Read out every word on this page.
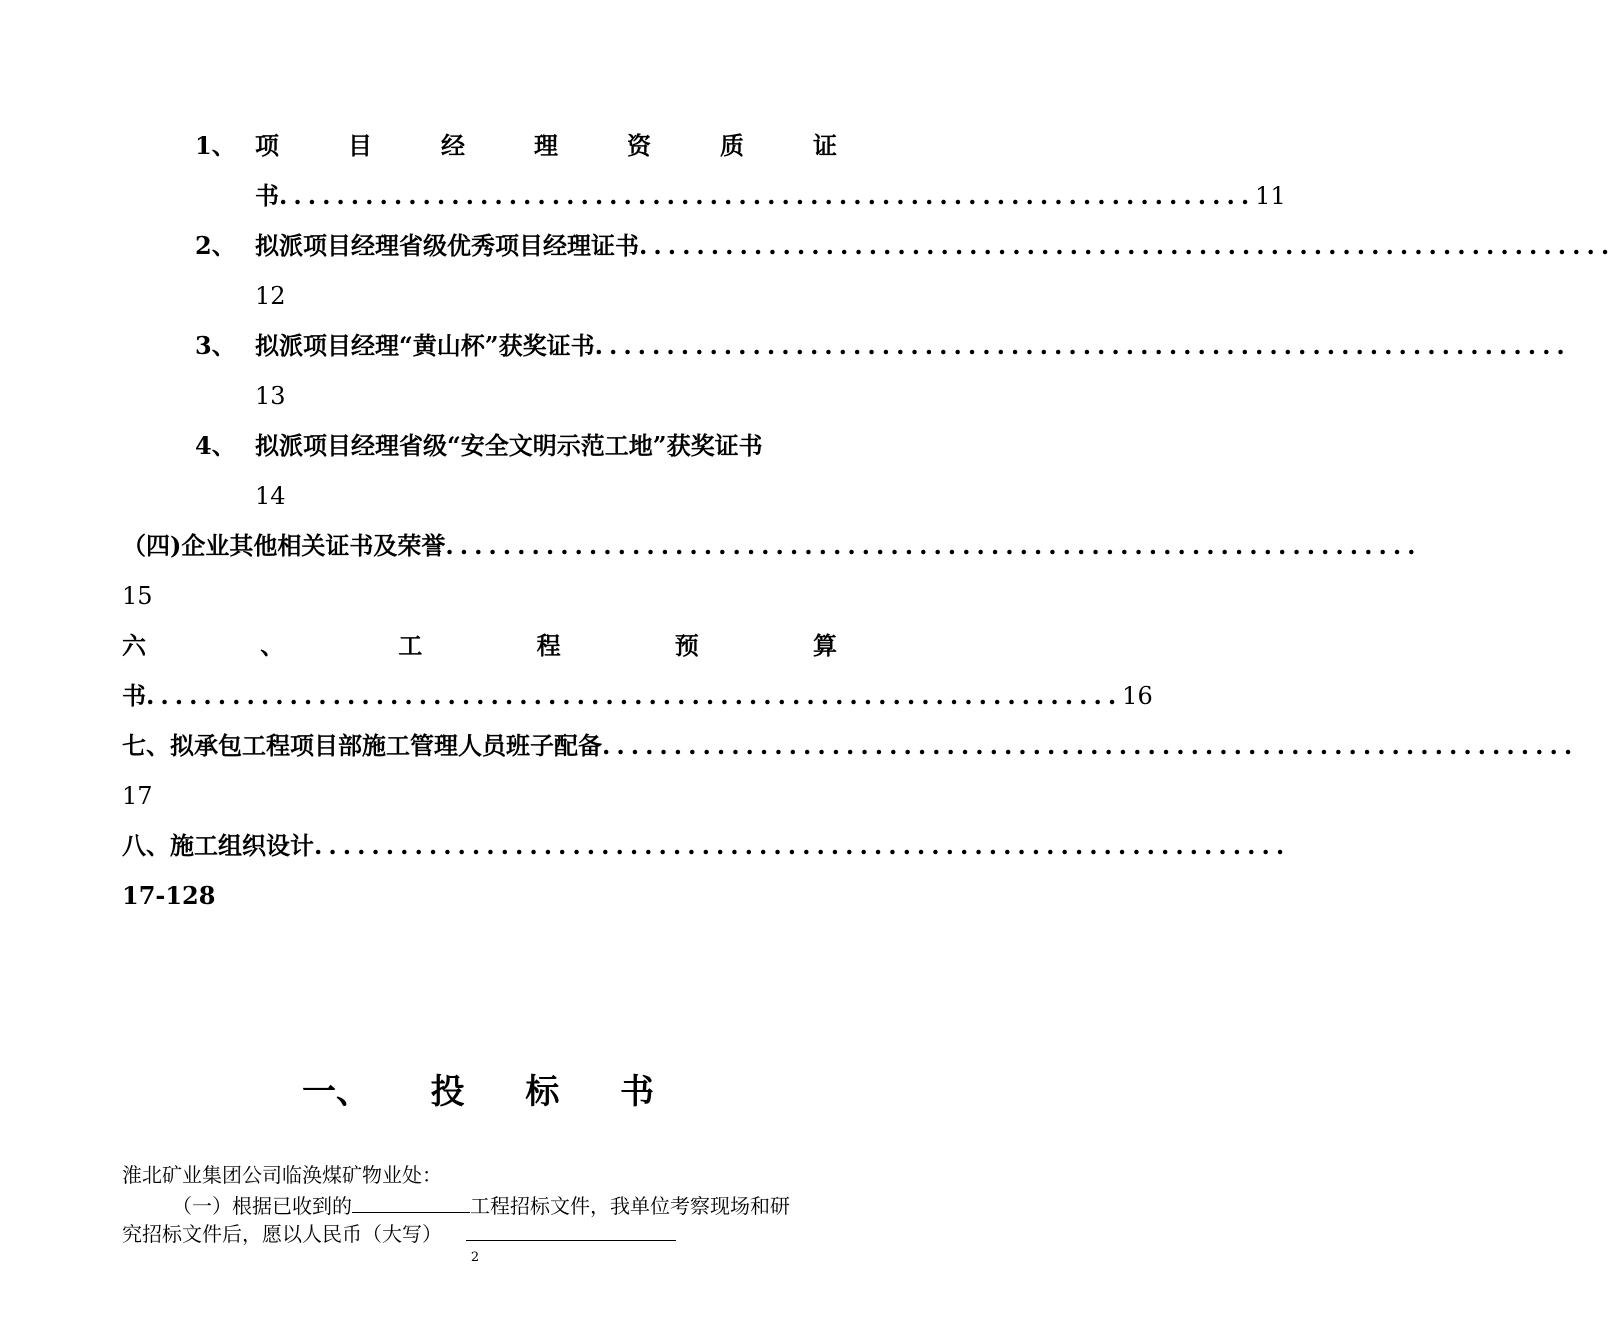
1、 项	目	经	理	资	质	证
书 .................................................................... 11
2、 拟派项目经理省级优秀项目经理证书 ....................................................................
12
3、 拟派项目经理“黄山杯”获奖证书 ....................................................................
13
4、 拟派项目经理省级“安全文明示范工地”获奖证书
14
（四)企业其他相关证书及荣誉 ....................................................................
15
六	、	工	程	预	算
书 .................................................................... 16
七、拟承包工程项目部施工管理人员班子配备 ....................................................................
17
八、施工组织设计 ....................................................................
17-128
一、 投 标 书
淮北矿业集团公司临涣煤矿物业处：
（一）根据已收到的	工程招标文件，我单位考察现场和研
究招标文件后，愿以人民币（大写）
2
